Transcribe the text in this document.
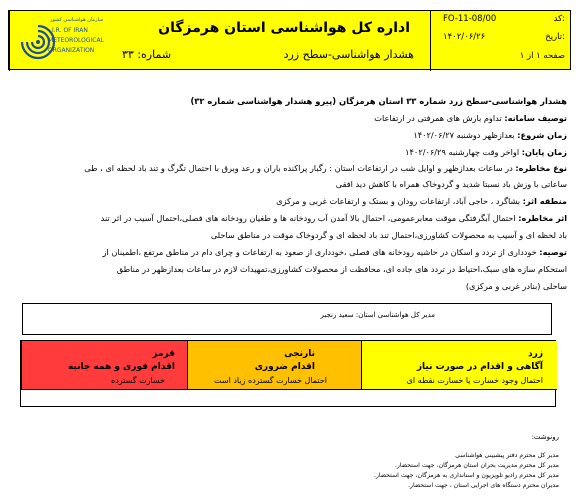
سازمان هواشناسی کشور
I.R. OF IRAN
METEOROLOGICAL
ORGANIZATION
اداره کل هواشناسی استان هرمزگان
هشدار هواشناسی-سطح زرد
شماره: ۳۳
کد:
FO-11-08/00
تاریخ:
۱۴۰۲/۰۶/۲۶
صفحه ۱ از ۱
هشدار هواشناسی-سطح زرد شماره ۳۳ استان هرمزگان (پیرو هشدار هواشناسی شماره ۳۲)
توصیف سامانه: تداوم بارش های همرفتی در ارتفاعات
زمان شروع: بعدازظهر دوشنبه ۱۴۰۲/۰۶/۲۷
زمان پایان: اواخر وقت چهارشنبه ۱۴۰۲/۰۶/۲۹
نوع مخاطره: در ساعات بعدازظهر و اوایل شب در ارتفاعات استان : رگبار پراکنده باران و رعد وبرق با احتمال تگرگ و تند باد لحظه ای ، طی
ساعاتی با وزش باد نسبتا شدید و گردوخاک همراه با کاهش دید افقی
منطقه اثر: بشاگرد ، حاجی آباد، ارتفاعات رودان و بستک و ارتفاعات غربی و مرکزی
اثر مخاطره: احتمال آبگرفتگی موقت معابرعمومی، احتمال بالا آمدن آب رودخانه ها و طغیان رودخانه های فصلی،احتمال آسیب در اثر تند
باد لحظه ای و آسیب به محصولات کشاورزی،احتمال تند باد لحظه ای و گردوخاک موقت در مناطق ساحلی
توصیه: خودداری از تردد و اسکان در حاشیه رودخانه های فصلی ،خودداری از صعود به ارتفاعات و چرای دام در مناطق مرتفع ،اطمینان از
استحکام سازه های سبک،احتیاط در تردد های جاده ای، محافظت از محصولات کشاورزی،تمهیدات لازم در ساعات بعدازظهر در مناطق
ساحلی (بنادر غربی و مرکزی)
مدیر کل هواشناسی استان: سعید رنجبر
قرمز
اقدام فوری و همه جانبه
خسارت گسترده
نارنجی
اقدام ضروری
احتمال خسارت گسترده زیاد است
زرد
آگاهی و اقدام در صورت نیاز
احتمال وجود خسارت یا خسارت نقطه ای
رونوشت:
مدیر کل محترم دفتر پیشبینی هواشناسی
مدیر کل محترم مدیریت بحران استان هرمزگان، جهت استحضار.
مدیر کل محترم رادیو تلویزیون و استانداری به هرمزگان، جهت استحضار.
مدیران محترم دستگاه های اجرایی استان ، جهت استحضار.
